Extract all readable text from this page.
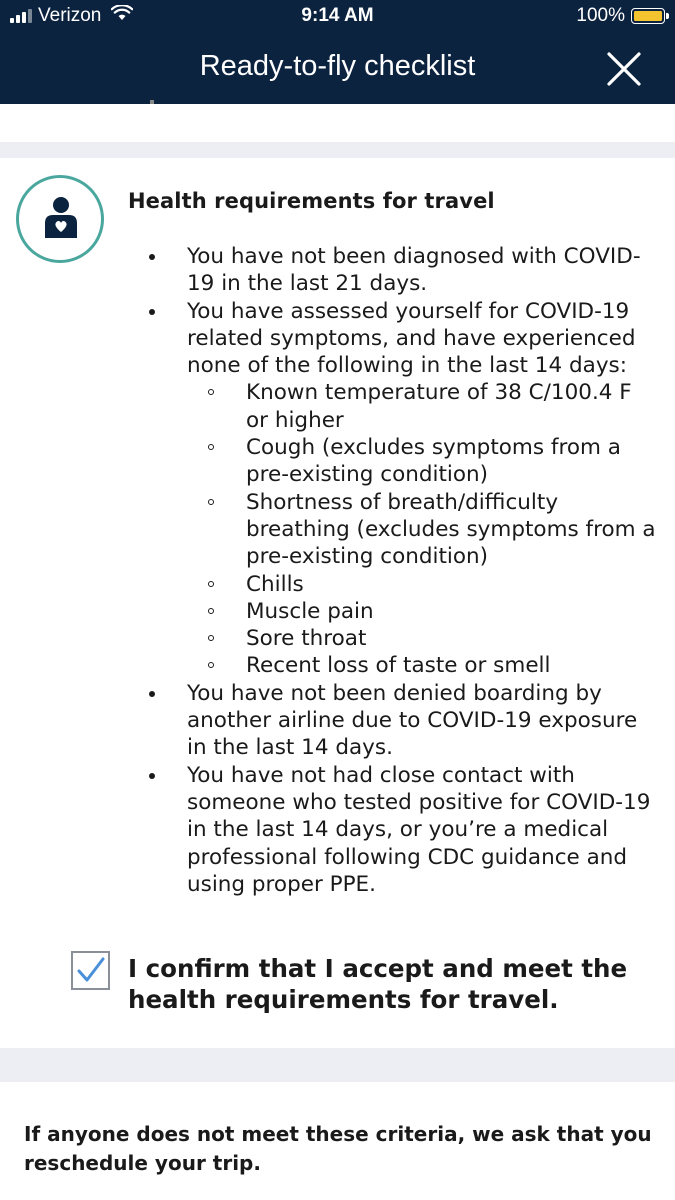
Verizon	9:14 AM	100%
Ready-to-fly checklist
Health requirements for travel
You have not been diagnosed with COVID-19 in the last 21 days.
You have assessed yourself for COVID-19 related symptoms, and have experienced none of the following in the last 14 days:
Known temperature of 38 C/100.4 F or higher
Cough (excludes symptoms from a pre-existing condition)
Shortness of breath/difficulty breathing (excludes symptoms from a pre-existing condition)
Chills
Muscle pain
Sore throat
Recent loss of taste or smell
You have not been denied boarding by another airline due to COVID-19 exposure in the last 14 days.
You have not had close contact with someone who tested positive for COVID-19 in the last 14 days, or you’re a medical professional following CDC guidance and using proper PPE.

I confirm that I accept and meet the health requirements for travel.

If anyone does not meet these criteria, we ask that you reschedule your trip.
